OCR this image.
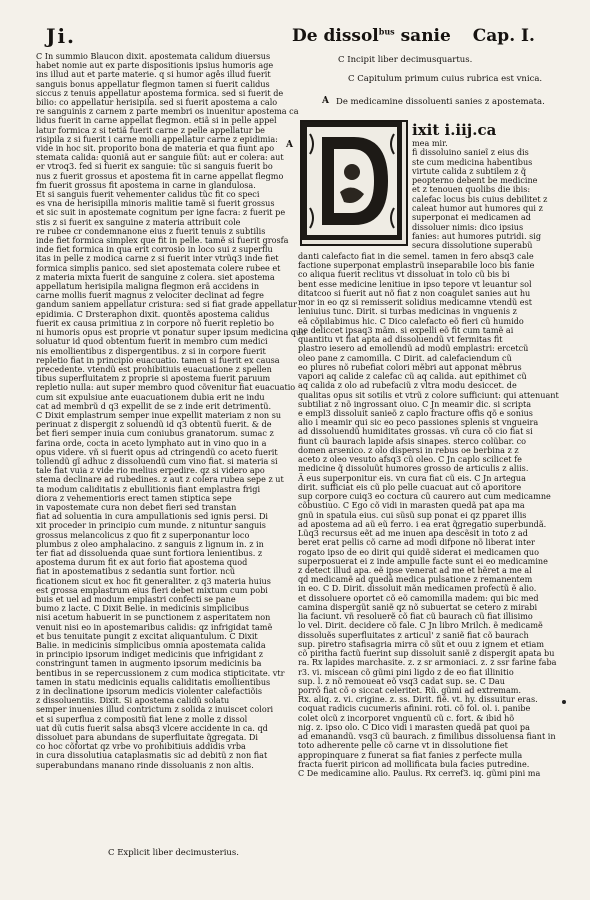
Ji.	De dissol$^{bus}$ sanie Cap. I.
C In summio Blaucon dixit. apostemata calidum diuersus
habet nomie aut ex parte dispositionis ipsius humoris age
ins illud aut et parte materie. q si humor agês illud fuerit
sanguis bonus appellatur flegmon tamen si fuerit calidus
siccus z tenuis appellatur apostema formica. sed si fuerit de
bilio: co appellatur herisipila. sed si fuerit apostema a calo
re sanguinis z carnem z parte membri os inuenitur apostema ca
lidus fuerit in carne appellat flegmon. etiã si in pelle appel
latur formica z si tetiã fuerit carne z pelle appellatur be
risipila z si fuerit i carne molli appellatur carne z epidimia:
vide in hoc sit. proporito bona de materia et qua fiunt apo
stemata calida: quoniã aut er sanguie fiũt: aut er colera: aut
er vtroq3. fed si fuerit ex sanguie: tũc si sanguis fuerit bo
nus z fuerit grossus et apostema fit in carne appellat flegmo
fm fuerit grossus fit apostema in carne in glandulosa.
Et si sanguis fuerit vehementer calidus tũc fit co speci
es vna de herisipilla minoris malitie tamẽ si fuerit grossus
et sic suit in apostemate cognitum per igne facra: z fuerit pe
stis z si fuerit ex sanguine z materia attribuit cole
re rubee cr condemnanone eius z fuerit tenuis z subtilis
inde fiet formica simplex que fit in pelle. tamẽ si fuerit grosfa
inde fiet formica in qua erit corrosio in loco sui z superflu
itas in pelle z modica carne z si fuerit inter vtrũq3 inde fiet
formica simplis panico. sed siet apostemata colere rubee et
z materia mixta fuerit de sanguine z colera. siet apostema
appellatum herisipila maligna flegmon erã accidens in
carne mollis fuerit magnus z velociter declinat ad fegre
gandum saniem appellatur cristura: sed si fiat grade appellatur
epidimia. C Drsteraphon dixit. quontẽs apostema calidus
fuerit ex causa primitiua z in corpore nõ fuerit repletio bo
ni humoris opus est proprie vt ponatur super ipsum medicina quo
soluatur id quod obtentum fuerit in membro cum medici
nis emollientibus z dispergentibus. z si in corpore fuerit
repletio fiat in principio euacuatio. tamen si fuerit ex causa
precedente. vtendũ est prohibitiuis euacuatione z spellen
tibus superfluitatem z proprie si apostema fuerit paruum
repletio nulla: aut super membro quod cõvenitur fiat euacuatio
cum sit expulsiue ante euacuationem dubia erit ne indu
cat ad membrũ d q3 expellit de se z inde erit detrimentũ.
C Dixit emplastrum semper inue expellit materiam z non su
perinuat z dispergit z soluendũ id q3 obtentũ fuerit. & de
bet fieri semper inuia cum coniubus granatorum. sumac z
farina orde, cocta in aceto lymphato aut in vino quo in a
opus videre. vñ si fuerit opus ad ctringendũ co aceto fuerit
tollendũ gĩ adhuc z dissoluendũ cum vino fiat. si materia si
tale fiat vuia z vide rio melius erpedire. qz si videro apo
stema declinare ad rubedines. z aut z colera rubea sepe z ut
ta modum caliditatis z ebullitionis fiant emplastra frigi
diora z vehementioris erect tamen stiptica sepe
in vapostemate cura non debet fieri sed transtan
fiat ad soluentia in cura ampullationis sed ignis persi. Di
xit proceder in principio cum munde. z nituntur sanguis
grossus melancolicus z quo fit z superponantur loco
plumbus z oleo amphalacino. z sanguis z lignum in. z in
ter fiat ad dissoluenda quae sunt fortiora lenientibus. z
apostema durum fit ex aut forio fiat apostema quod
fiat in apostematibus z sedantia sunt fortior. ncũ
ficationem sicut ex hoc fit generaliter. z q3 materia huius
est grossa emplastrum eius fieri debet mixtum cum pobi
buis et uel ad modum emplastri confecti se pane
bumo z lacte. C Dixit Belie. in medicinis simplicibus
nisi acetum habuerit in se punctionem z asperitatem non
venuit nisi eo in apostemaribus calidis: qz infrigidat tamẽ
et bus tenuitate pungit z excitat aliquantulum. C Dixit
Balie. in medicinis simplicibus omnia apostemata calida
in principio ipsorum indiget medicinis que infrigidant z
constringunt tamen in augmento ipsorum medicinis ba
bentibus in se repercussionem z cum modica stipticitate. vtr
tamen in statu medicinis equalis caliditatis emollientibus
z in declinatione ipsorum medicis violenter calefactiõis
z dissoluentiis. Dixit. Si apostema calidũ solatu
semper inuenies illud contrictum z solida z inuiscet colori
et si superflua z compositũ fiat lene z molle z dissol
uat dũ cutis fuerit salsa absq3 vlcere accidente in ca. qd
dissoluet para abundans de superfluitate ɋ̃gregata. Di
co hoc cõfortat qz vrbe vo prohibitiuis addidis vrba
in cura dissolutiua cataplasmatis sic ad debitũ z non fiat
superabundans manano rinde dissoluanis z non altis.
C Explicit liber decimusterius.
C Incipit liber decimusquartus.
C Capitulum primum cuius rubrica est vnica.
A De medicamine dissoluenti sanies z apostemata.
A
D
ixit i.iij.ca
mea mir.
fi dissoluino sanieĩ z eius dis
ste cum medicina habentibus
virtute calida z subtilem z q̃
peopterno debent be medicine
et z tenouen quolibs die ibis:
calefac locus bis cuius debilitet z
caleat humor aut humores qui z
superponat ei medicamen ad
dissoluer nimis: dico ipsius
fanies: aut humores putridi. sig
secura dissolutione superabũ
danti calefacto fiat in die semel. tamen in fero absq3 cale
factione superponat emplastrũ inseparabile loco bis fanie
co aliqua fuerit reclitus vt dissoluat in tolo cũ bis bi
bent esse medicine lenitiue in ipso tepore vt leuantur sol
ditatcoo si fuerit aut nõ fiat z non coagulet sanies aut hu
mor in eo qz si remisserit solidius medicamne vtendũ est
leniuius tunc. Dirit. si turbas medicinas in vnguenis z
eã cõpilabimus hic. C Dico calefacto eõ fieri cũ humido
ne deliccet ipsaq3 mãm. si expelli eõ fit cum tamẽ ai
quantitu vt fiat apta ad dissoluendũ vt fermitas fit
plastro iesero ad emollendũ ad modũ emplastri: ercetcũ
oleo pane z camomilla. C Dirit. ad calefaciendum cũ
eo plures nõ rubefiat colori mẽbri aut apponat mẽbrus
vapori aq calide z calefac cũ aq calida. aut epithimet cũ
aq calida z olo ad rubefaciũ z vltra modu desiccet. de
qualitas opus sit sotilis et vtrũ z colore sufficiunt: qui attenuant
subtiliat z nõ ingrossant oiuo. C Jn meamir dic. si scripta
e empl3 dissoluit sanieõ z caplo fracture offis qõ e sonius
alio i meamir qui sic eo peco passiones splenis st vngueira
ad dissoluendũ humiditates grossas. vñ cura cõ cio fiat si
fiunt cũ baurach lapide afsis sinapes. sterco colũbar. co
domen arsenico. z olo dispersi in rebus oe berbina z z
aceto z oleo vesuto afsq3 cũ oleo. C Jn caplo scilicet fe
medicine q̃ dissoluũt humores grosso de articulis z aliis.
Ã eus superponitur eis. vn cura fiat cũ eis. C Jn artegua
dirit. sufficiat eis cũ plo pelle cuacuat aut cõ aporitore
sup corpore cuiq3 eo coctura cũ caurero aut cum medicamne
cõbustiuo. C Ego cõ vidi in marasten quedã pat apa ma
gnũ in spatula eius. cui sũsũ sup ponat ei qz pparet illis
ad apostema ad aũ eũ ferro. i ea erat ɋ̃gregatio superbundã.
Lũq3 recursus eẽt ad me inuen apa descẽsit in toto z ad
beret erat pellis cõ carne ad modi difpone nõ liberat inter
rogato ipso de eo dirit qui quidẽ siderat ei medicamen quo
superposuerat ei z inde ampulle facte sunt ei eo medicamine
z detect illud apa. eẽ ipse venerat ad me et hẽret a me al
qd medicamẽ ad quedã medica pulsatione z remanentem
in eo. C D. Dirit. dissoluit mãn medicamen profectũ ẽ alio.
et dissoluere oportet cõ eõ camomilla madem: qui bic med
camina dispergũt saniẽ qz nõ subuertat se cetero z mirabi
lia faciunt. vñ resoluerẽ cõ fiat cũ baurach cũ fiat illisimo
lo vel. Dirit. decidere cõ fale. C Jn libro Mrilch. ẽ medicamẽ
dissoluẽs superfluitates z articul' z saniẽ fiat cõ baurach
sup. piretro stafisagria mirra cõ sũt et ouu z ignem et etiam
cõ piritha factũ fuerint sup dissoluit saniẽ z dispergit apata bu
ra. Rx lapides marchasite. z. z sr armoniaci. z. z ssr farine faba
r3. vi. miscean cõ gũmi pini ligdo z de eo fiat illinitio
sup. l. z nõ remoueat eõ vsq3 cadat sup. se. C Dau
porrõ fiat cõ o siccat celeritet. Rũ. gũmi ad extremam.
Rx. aliq. z. vi. crigine. z. ss. Dirit. fiẽ. vt. hy. dissuitur eras.
coquat radicis cucumeris afinini. roti. cõ fol. ol. i. panibe
colet olcũ z incorporet vnguentũ cũ c. fort. & ibid hõ
nig. z. ipso olo. C Dico vidi i marasten quedã pat quoi pa
ad emanandũ. vsq3 cũ baurach. z fimilibus dissoluensa fiant in
toto adherente pelle cõ carne vt in dissolutione fiet
appropinquare z funerat sa fiat fanies z perfecte mulla
fracta fuerit piricon ad mollificata bula facies putredine.
C De medicamine alio. Paulus. Rx cerref3. iq. gũmi pini ma
